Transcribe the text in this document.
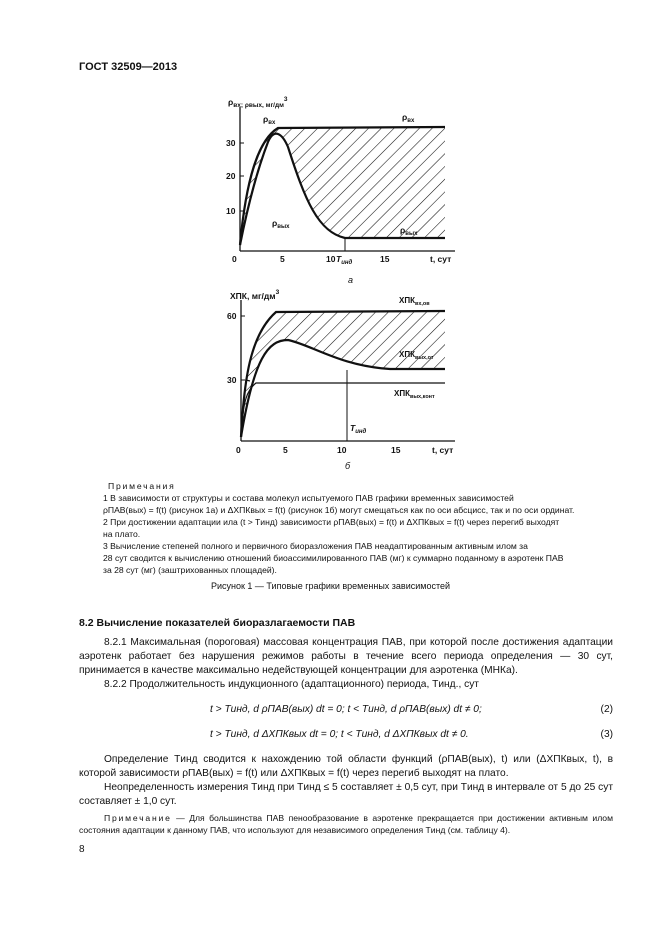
ГОСТ 32509—2013
$\rho_{вх; \rho вых, мг/дм}^3$
30
20
10
0	5	10 $T_{инд}$	15	t, сут
$\rho_{вх}$
$\rho_{вх}$
$\rho_{вых}$	$\rho_{вых}$
а
ХПК, $мг/дм^3$
60
30
0	5	10	15	t, сут
$T_{инд}$
$ХПК_{вх,ов}$
$ХПК_{вых,от}$
$ХПК_{вых,конт}$
б

Примечания

1 В зависимости от структуры и состава молекул испытуемого ПАВ графики временных зависимостей

ρПАВ(вых) = f(t) (рисунок 1а) и ΔХПКвых = f(t) (рисунок 1б) могут смещаться как по оси абсцисс, так и по оси ординат.

2 При достижении адаптации ила (t > Tинд) зависимости ρПАВ(вых) = f(t) и ΔХПКвых = f(t) через перегиб выходят

на плато.

3 Вычисление степеней полного и первичного биоразложения ПАВ неадаптированным активным илом за

28 сут сводится к вычислению отношений биоассимилированного ПАВ (мг) к суммарно поданному в аэротенк ПАВ

за 28 сут (мг) (заштрихованных площадей).

Рисунок 1 — Типовые графики временных зависимостей
8.2 Вычисление показателей биоразлагаемости ПАВ

8.2.1 Максимальная (пороговая) массовая концентрация ПАВ, при которой после достижения адаптации аэротенк работает без нарушения режимов работы в течение всего периода определения — 30 сут, принимается в качестве максимально недействующей концентрации для аэротенка (МНКа).

8.2.2 Продолжительность индукционного (адаптационного) периода, Tинд., сут

t > Tинд, d ρПАВ(вых) dt = 0; t < Tинд, d ρПАВ(вых) dt ≠ 0;	(2)
t > Tинд, d ΔХПКвых dt = 0; t < Tинд, d ΔХПКвых dt ≠ 0.	(3)

Определение Tинд сводится к нахождению той области функций (ρПАВ(вых), t) или (ΔХПКвых, t), в которой зависимости ρПАВ(вых) = f(t) или ΔХПКвых = f(t) через перегиб выходят на плато.

Неопределенность измерения Tинд при Tинд ≤ 5 составляет ± 0,5 сут, при Tинд в интервале от 5 до 25 сут составляет ± 1,0 сут.

Примечание — Для большинства ПАВ пенообразование в аэротенке прекращается при достижении активным илом состояния адаптации к данному ПАВ, что используют для независимого определения Tинд (см. таблицу 4).
8
